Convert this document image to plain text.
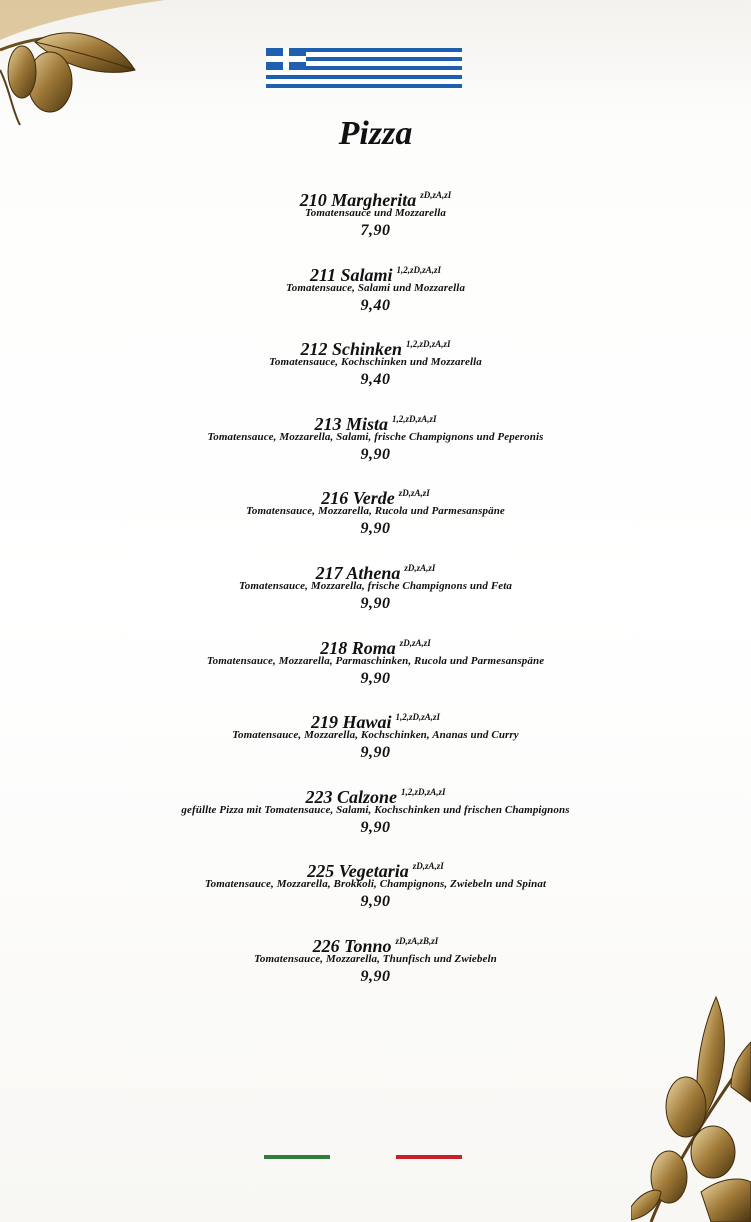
Pizza
210 Margherita $^{zD,zA,zI}$
Tomatensauce und Mozzarella
7,90
211 Salami $^{1,2,zD,zA,zI}$
Tomatensauce, Salami und Mozzarella
9,40
212 Schinken $^{1,2,zD,zA,zI}$
Tomatensauce, Kochschinken und Mozzarella
9,40
213 Mista $^{1,2,zD,zA,zI}$
Tomatensauce, Mozzarella, Salami, frische Champignons und Peperonis
9,90
216 Verde $^{zD,zA,zI}$
Tomatensauce, Mozzarella, Rucola und Parmesanspäne
9,90
217 Athena $^{zD,zA,zI}$
Tomatensauce, Mozzarella, frische Champignons und Feta
9,90
218 Roma $^{zD,zA,zI}$
Tomatensauce, Mozzarella, Parmaschinken, Rucola und Parmesanspäne
9,90
219 Hawai $^{1,2,zD,zA,zI}$
Tomatensauce, Mozzarella, Kochschinken, Ananas und Curry
9,90
223 Calzone $^{1,2,zD,zA,zI}$
gefüllte Pizza mit Tomatensauce, Salami, Kochschinken und frischen Champignons
9,90
225 Vegetaria $^{zD,zA,zI}$
Tomatensauce, Mozzarella, Brokkoli, Champignons, Zwiebeln und Spinat
9,90
226 Tonno $^{zD,zA,zB,zI}$
Tomatensauce, Mozzarella, Thunfisch und Zwiebeln
9,90
